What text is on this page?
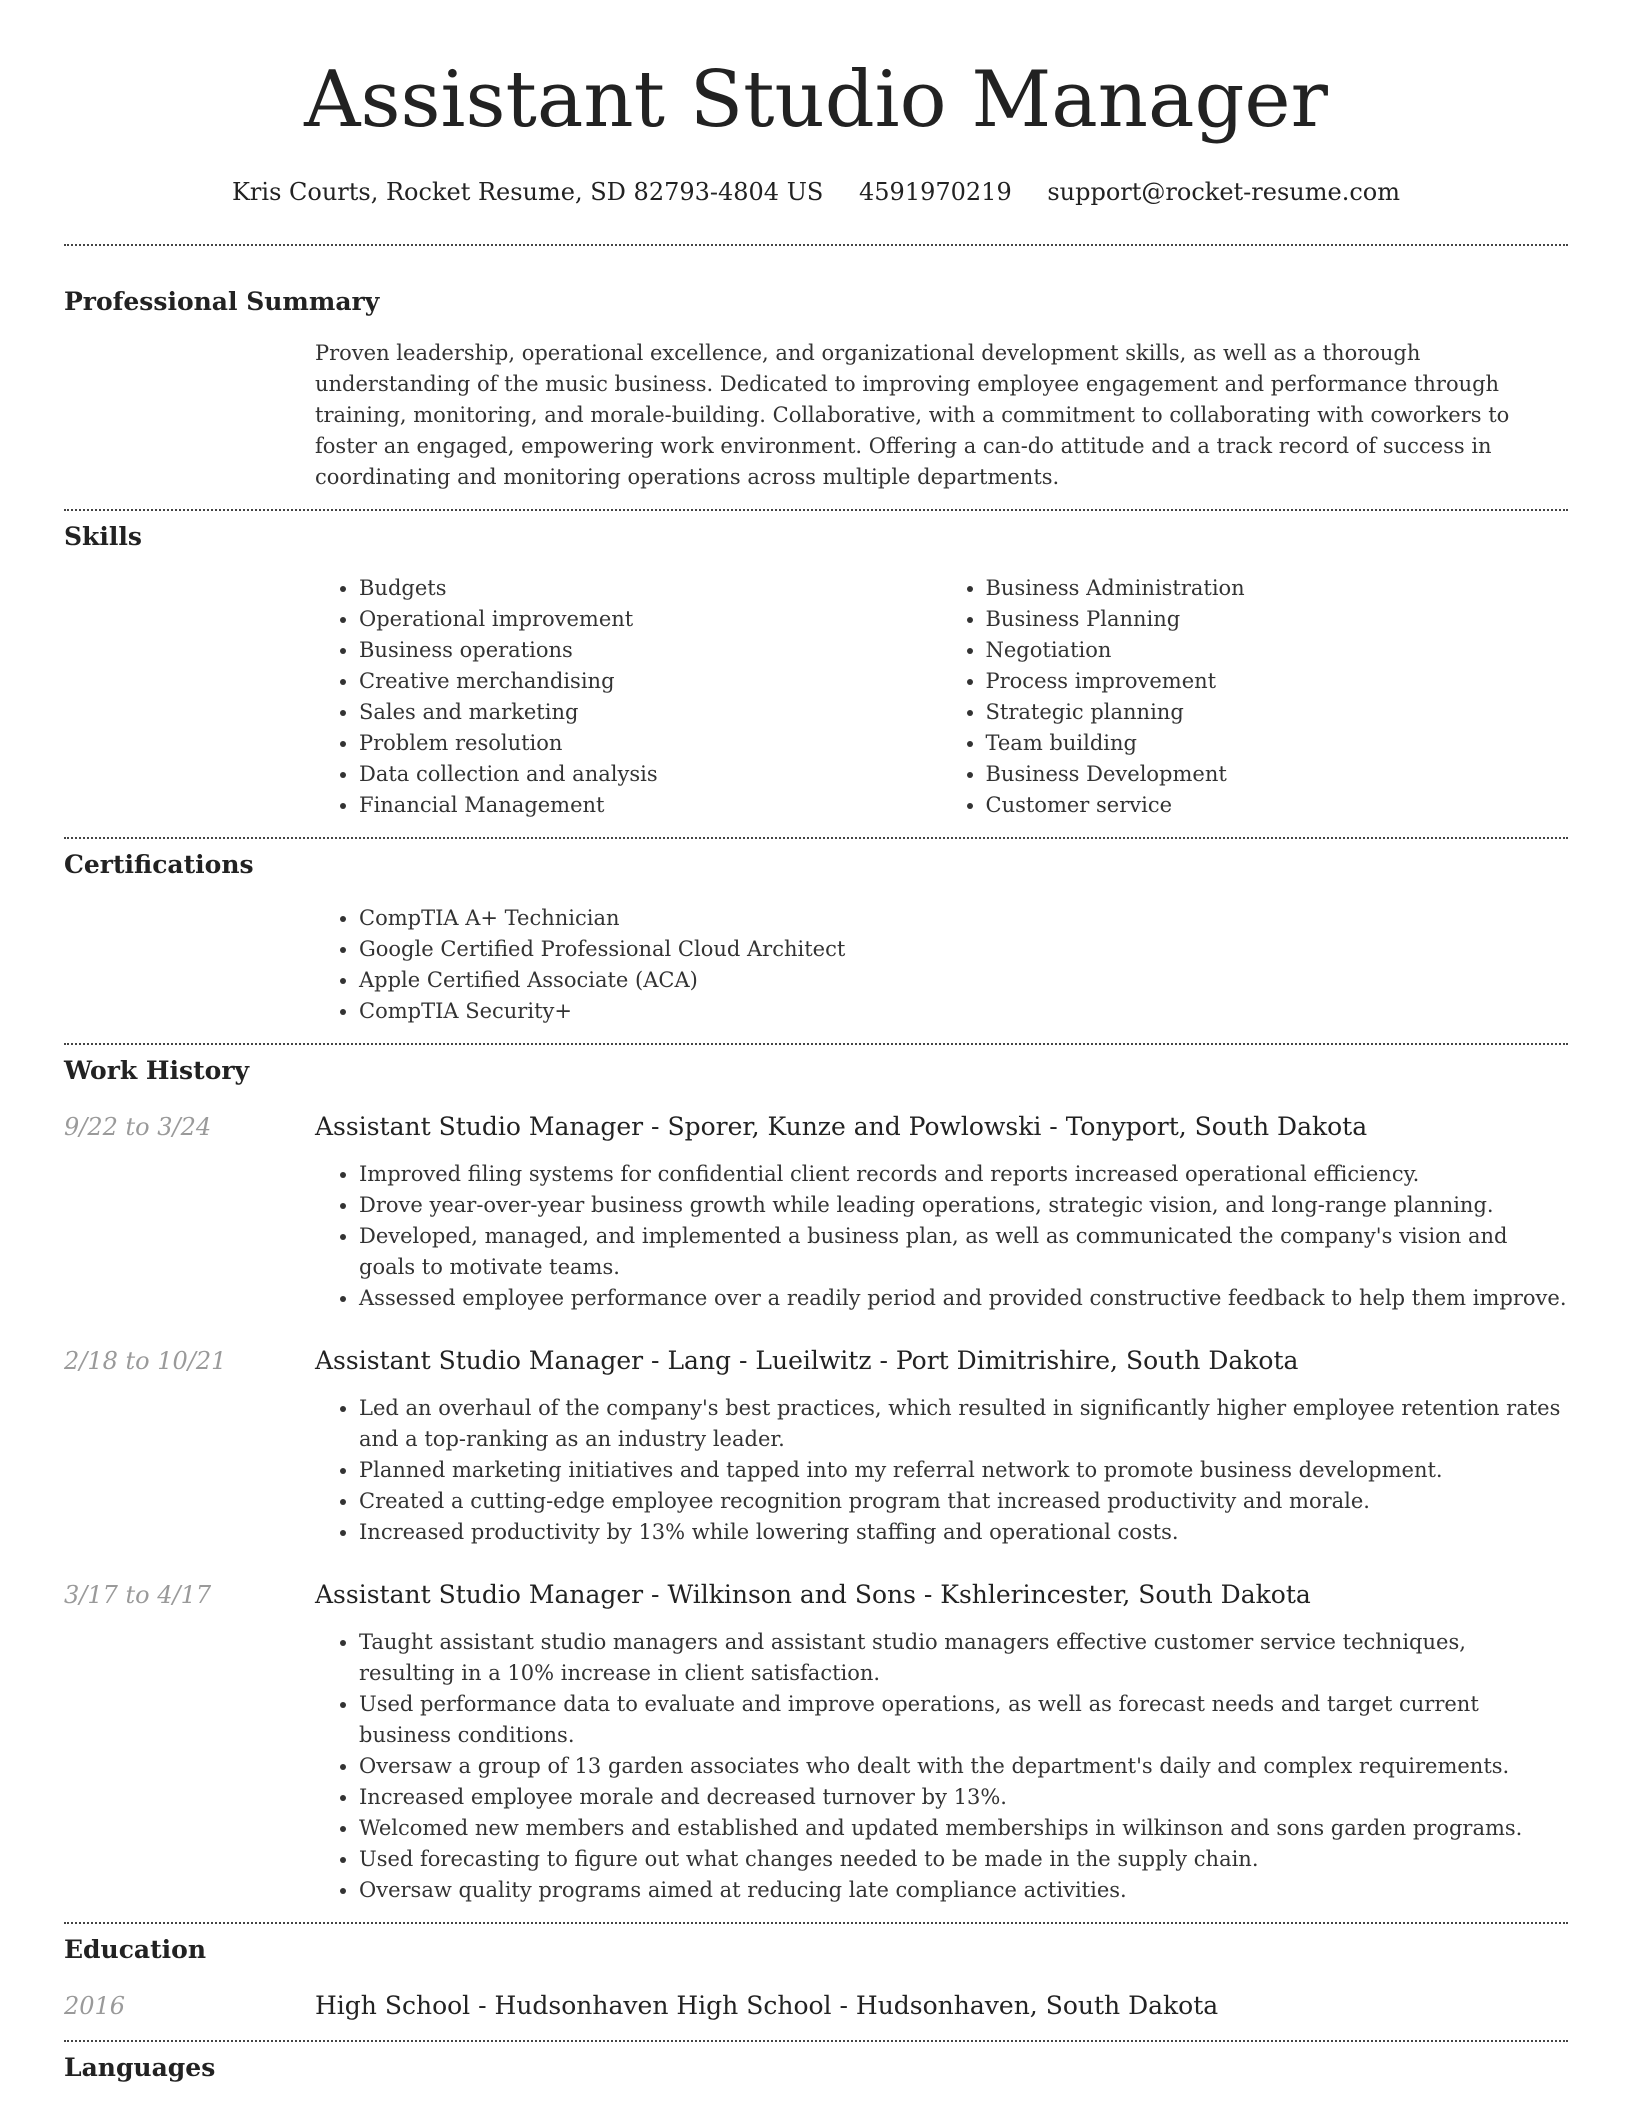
Assistant Studio Manager
Kris Courts, Rocket Resume, SD 82793-4804 US 4591970219 support@rocket-resume.com
Professional Summary
Proven leadership, operational excellence, and organizational development skills, as well as a thorough understanding of the music business. Dedicated to improving employee engagement and performance through training, monitoring, and morale-building. Collaborative, with a commitment to collaborating with coworkers to foster an engaged, empowering work environment. Offering a can-do attitude and a track record of success in coordinating and monitoring operations across multiple departments.
Skills
• Budgets
• Operational improvement
• Business operations
• Creative merchandising
• Sales and marketing
• Problem resolution
• Data collection and analysis
• Financial Management
• Business Administration
• Business Planning
• Negotiation
• Process improvement
• Strategic planning
• Team building
• Business Development
• Customer service
Certifications
• CompTIA A+ Technician
• Google Certified Professional Cloud Architect
• Apple Certified Associate (ACA)
• CompTIA Security+
Work History
9/22 to 3/24	Assistant Studio Manager - Sporer, Kunze and Powlowski - Tonyport, South Dakota
• Improved filing systems for confidential client records and reports increased operational efficiency.
• Drove year-over-year business growth while leading operations, strategic vision, and long-range planning.
• Developed, managed, and implemented a business plan, as well as communicated the company's vision and goals to motivate teams.
• Assessed employee performance over a readily period and provided constructive feedback to help them improve.
2/18 to 10/21	Assistant Studio Manager - Lang - Lueilwitz - Port Dimitrishire, South Dakota
• Led an overhaul of the company's best practices, which resulted in significantly higher employee retention rates and a top-ranking as an industry leader.
• Planned marketing initiatives and tapped into my referral network to promote business development.
• Created a cutting-edge employee recognition program that increased productivity and morale.
• Increased productivity by 13% while lowering staffing and operational costs.
3/17 to 4/17	Assistant Studio Manager - Wilkinson and Sons - Kshlerincester, South Dakota
• Taught assistant studio managers and assistant studio managers effective customer service techniques, resulting in a 10% increase in client satisfaction.
• Used performance data to evaluate and improve operations, as well as forecast needs and target current business conditions.
• Oversaw a group of 13 garden associates who dealt with the department's daily and complex requirements.
• Increased employee morale and decreased turnover by 13%.
• Welcomed new members and established and updated memberships in wilkinson and sons garden programs.
• Used forecasting to figure out what changes needed to be made in the supply chain.
• Oversaw quality programs aimed at reducing late compliance activities.
Education
2016	High School - Hudsonhaven High School - Hudsonhaven, South Dakota
Languages
